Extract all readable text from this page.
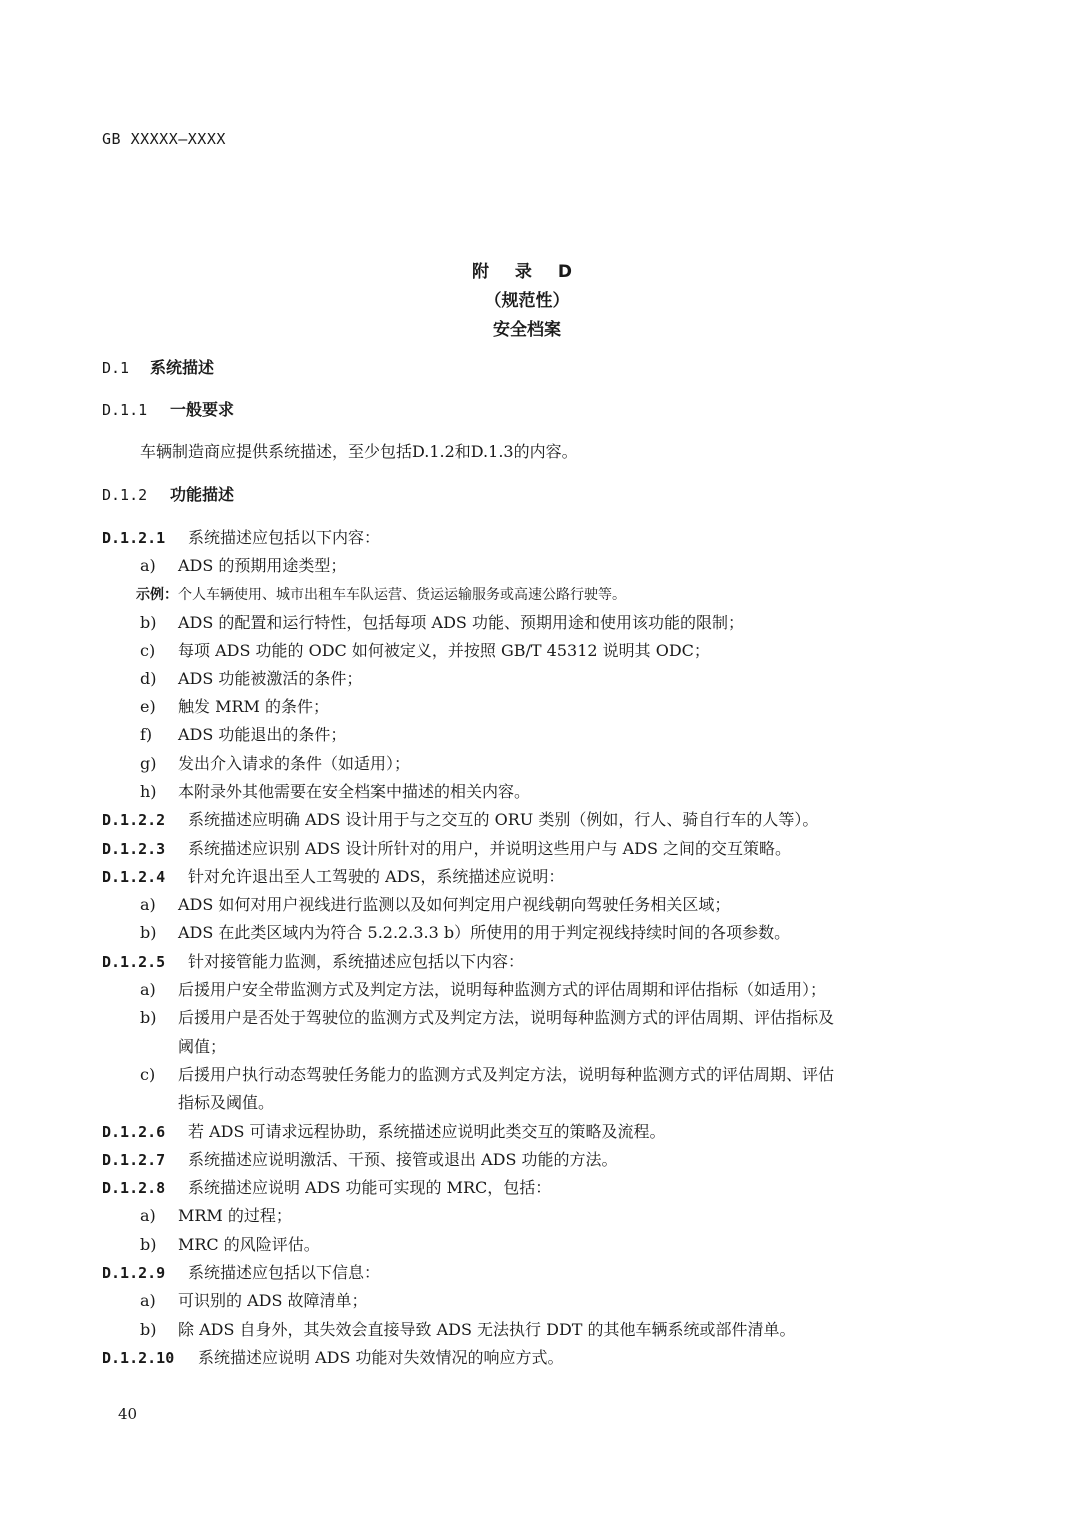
GB XXXXX—XXXX
附 录 D
（规范性）
安全档案
D.1 系统描述
D.1.1 一般要求
车辆制造商应提供系统描述，至少包括D.1.2和D.1.3的内容。
D.1.2 功能描述
D.1.2.1 系统描述应包括以下内容：
a) ADS 的预期用途类型；
示例：个人车辆使用、城市出租车车队运营、货运运输服务或高速公路行驶等。
b) ADS 的配置和运行特性，包括每项 ADS 功能、预期用途和使用该功能的限制；
c) 每项 ADS 功能的 ODC 如何被定义，并按照 GB/T 45312 说明其 ODC；
d) ADS 功能被激活的条件；
e) 触发 MRM 的条件；
f) ADS 功能退出的条件；
g) 发出介入请求的条件（如适用）；
h) 本附录外其他需要在安全档案中描述的相关内容。
D.1.2.2 系统描述应明确 ADS 设计用于与之交互的 ORU 类别（例如，行人、骑自行车的人等）。
D.1.2.3 系统描述应识别 ADS 设计所针对的用户，并说明这些用户与 ADS 之间的交互策略。
D.1.2.4 针对允许退出至人工驾驶的 ADS，系统描述应说明：
a) ADS 如何对用户视线进行监测以及如何判定用户视线朝向驾驶任务相关区域；
b) ADS 在此类区域内为符合 5.2.2.3.3 b）所使用的用于判定视线持续时间的各项参数。
D.1.2.5 针对接管能力监测，系统描述应包括以下内容：
a) 后援用户安全带监测方式及判定方法，说明每种监测方式的评估周期和评估指标（如适用）；
b) 后援用户是否处于驾驶位的监测方式及判定方法，说明每种监测方式的评估周期、评估指标及
阈值；
c) 后援用户执行动态驾驶任务能力的监测方式及判定方法，说明每种监测方式的评估周期、评估
指标及阈值。
D.1.2.6 若 ADS 可请求远程协助，系统描述应说明此类交互的策略及流程。
D.1.2.7 系统描述应说明激活、干预、接管或退出 ADS 功能的方法。
D.1.2.8 系统描述应说明 ADS 功能可实现的 MRC，包括：
a) MRM 的过程；
b) MRC 的风险评估。
D.1.2.9 系统描述应包括以下信息：
a) 可识别的 ADS 故障清单；
b) 除 ADS 自身外，其失效会直接导致 ADS 无法执行 DDT 的其他车辆系统或部件清单。
D.1.2.10 系统描述应说明 ADS 功能对失效情况的响应方式。
40
